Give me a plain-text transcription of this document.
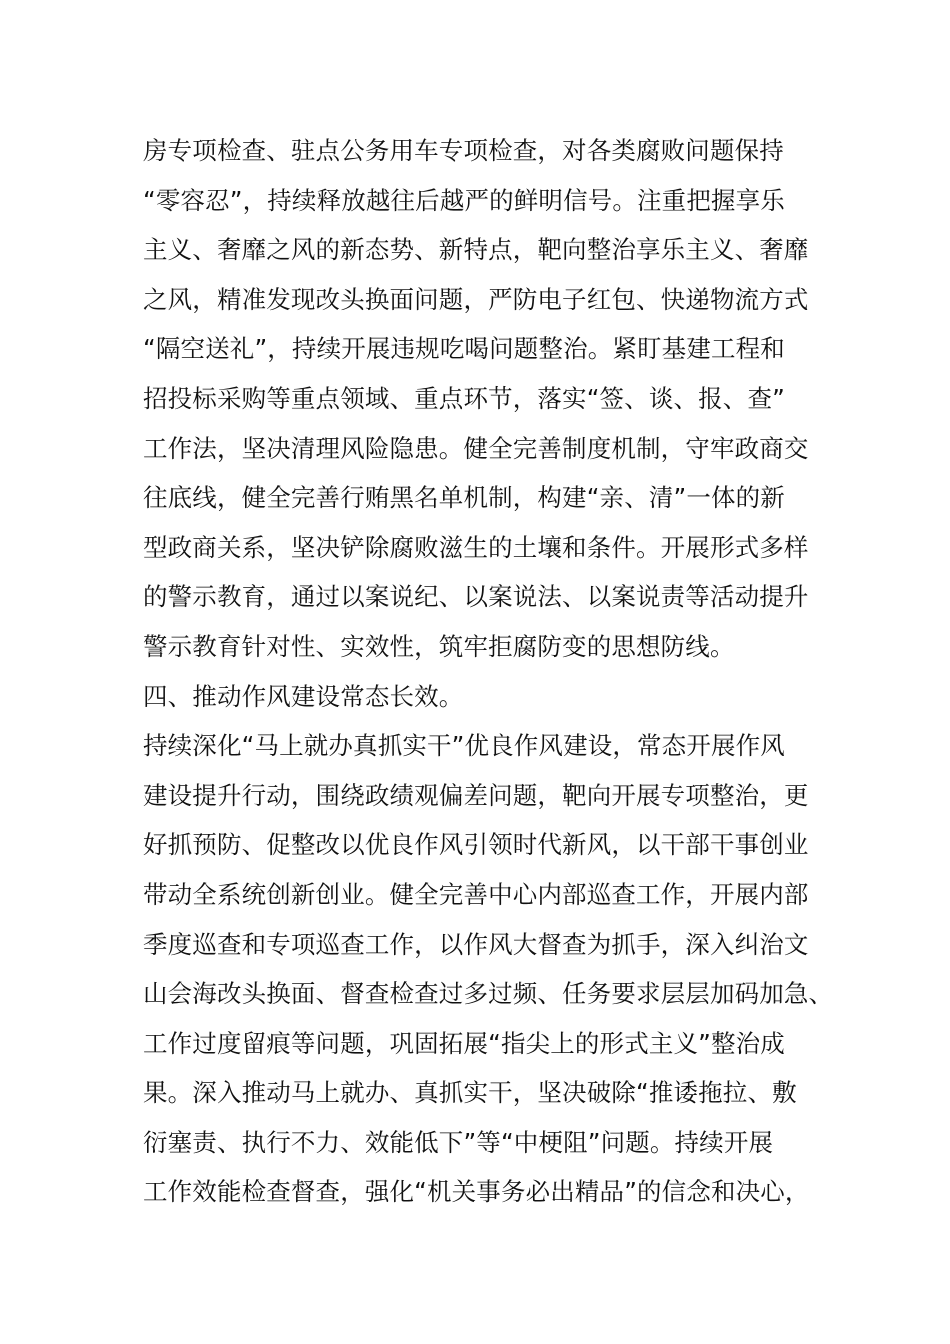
房专项检查、驻点公务用车专项检查，对各类腐败问题保持
“零容忍”，持续释放越往后越严的鲜明信号。注重把握享乐
主义、奢靡之风的新态势、新特点，靶向整治享乐主义、奢靡
之风，精准发现改头换面问题，严防电子红包、快递物流方式
“隔空送礼”，持续开展违规吃喝问题整治。紧盯基建工程和
招投标采购等重点领域、重点环节，落实“签、谈、报、查”
工作法，坚决清理风险隐患。健全完善制度机制，守牢政商交
往底线，健全完善行贿黑名单机制，构建“亲、清”一体的新
型政商关系，坚决铲除腐败滋生的土壤和条件。开展形式多样
的警示教育，通过以案说纪、以案说法、以案说责等活动提升
警示教育针对性、实效性，筑牢拒腐防变的思想防线。
四、推动作风建设常态长效。
持续深化“马上就办真抓实干”优良作风建设，常态开展作风
建设提升行动，围绕政绩观偏差问题，靶向开展专项整治，更
好抓预防、促整改以优良作风引领时代新风，以干部干事创业
带动全系统创新创业。健全完善中心内部巡查工作，开展内部
季度巡查和专项巡查工作，以作风大督查为抓手，深入纠治文
山会海改头换面、督查检查过多过频、任务要求层层加码加急、
工作过度留痕等问题，巩固拓展“指尖上的形式主义”整治成
果。深入推动马上就办、真抓实干，坚决破除“推诿拖拉、敷
衍塞责、执行不力、效能低下”等“中梗阻”问题。持续开展
工作效能检查督查，强化“机关事务必出精品”的信念和决心，
